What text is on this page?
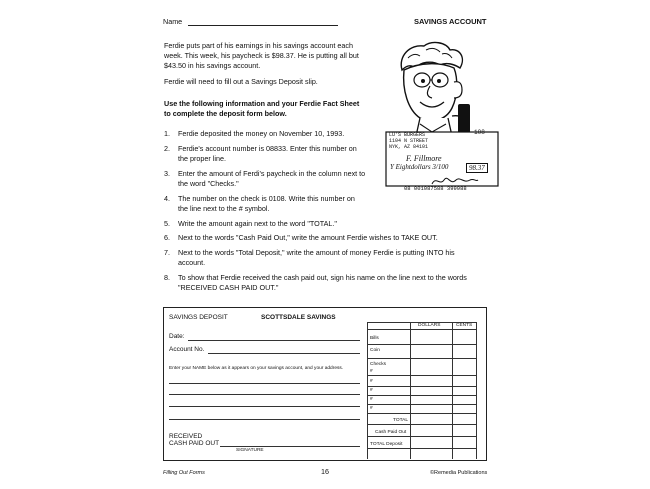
Name	SAVINGS ACCOUNT
Ferdie puts part of his earnings in his savings account each
week. This week, his paycheck is $98.37. He is putting all but
$43.50 in his savings account.
Ferdie will need to fill out a Savings Deposit slip.
Use the following information and your Ferdie Fact Sheet
to complete the deposit form below.
1. Ferdie deposited the money on November 10, 1993.
2. Ferdie's account number is 08833. Enter this number on
the proper line.
3. Enter the amount of Ferdi's paycheck in the column next to
the word "Checks."
4. The number on the check is 0108. Write this number on
the line next to the # symbol.
5. Write the amount again next to the word "TOTAL."
6. Next to the words "Cash Paid Out," write the amount Ferdie wishes to TAKE OUT.
7. Next to the words "Total Deposit," write the amount of money Ferdie is putting INTO his
account.
8. To show that Ferdie received the cash paid out, sign his name on the line next to the words
"RECEIVED CASH PAID OUT."
LU'S BURGERS
1104 N STREET
NYK, AZ 84101
108
F. Fillmore
Y Eightdollars 3/100	98.37
08 001087588 399988
SAVINGS DEPOSIT	SCOTTSDALE SAVINGS
Date:
Account No.
Enter your NAME below as it appears on your savings account, and your address.
RECEIVED
CASH PAID OUT
SIGNATURE
DOLLARS	CENTS
Bills
Coin
Checks
#
#
#
#
#
TOTAL
Cash Paid Out
TOTAL Deposit
Filling Out Forms	16	©Remedia Publications
